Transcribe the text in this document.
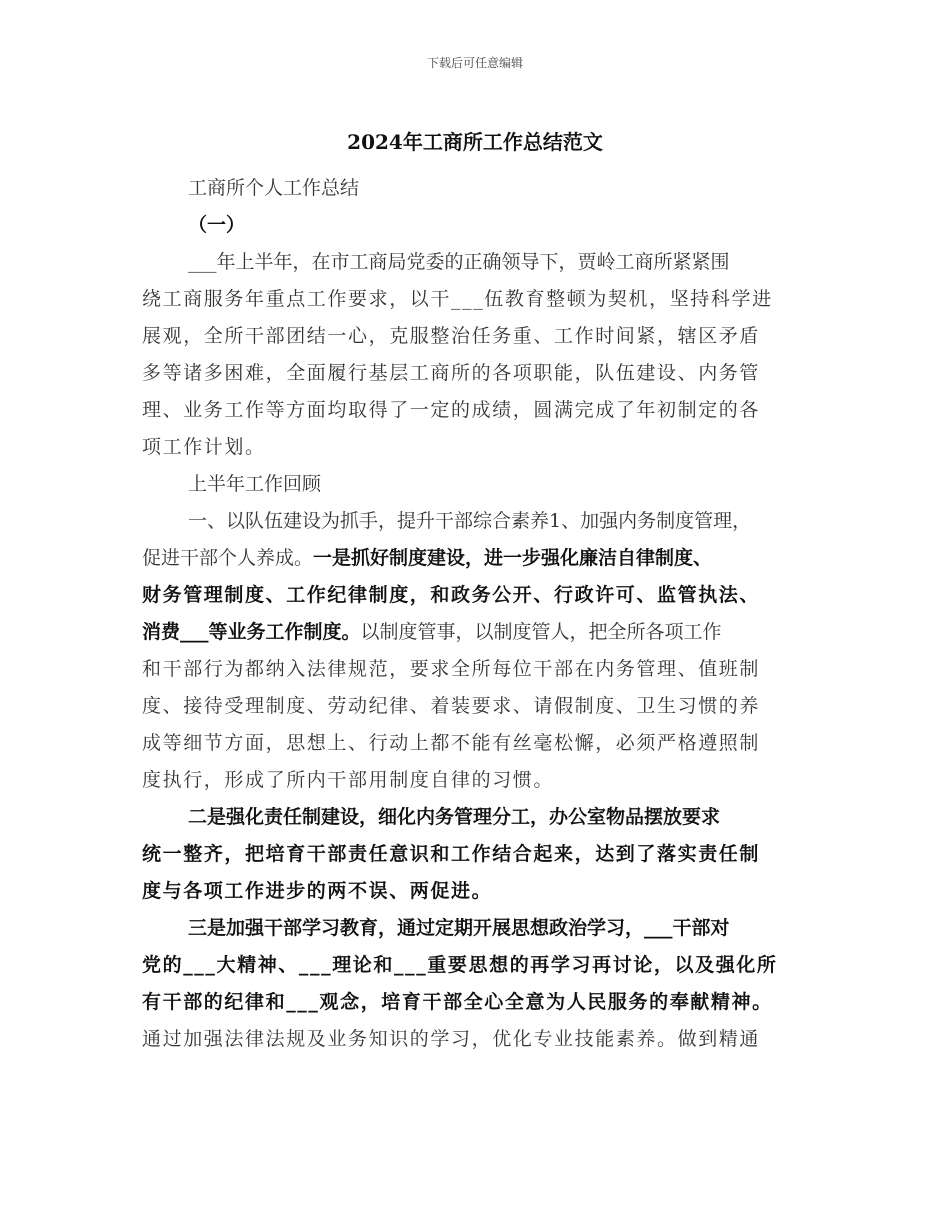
下载后可任意编辑
2024年工商所工作总结范文
工商所个人工作总结
（一）
___年上半年，在市工商局党委的正确领导下，贾岭工商所紧紧围
绕工商服务年重点工作要求，以干___伍教育整顿为契机，坚持科学进
展观，全所干部团结一心，克服整治任务重、工作时间紧，辖区矛盾
多等诸多困难，全面履行基层工商所的各项职能，队伍建设、内务管
理、业务工作等方面均取得了一定的成绩，圆满完成了年初制定的各
项工作计划。
上半年工作回顾
一、以队伍建设为抓手，提升干部综合素养1、加强内务制度管理，
促进干部个人养成。一是抓好制度建设，进一步强化廉洁自律制度、
财务管理制度、工作纪律制度，和政务公开、行政许可、监管执法、
消费___等业务工作制度。以制度管事，以制度管人，把全所各项工作
和干部行为都纳入法律规范，要求全所每位干部在内务管理、值班制
度、接待受理制度、劳动纪律、着装要求、请假制度、卫生习惯的养
成等细节方面，思想上、行动上都不能有丝毫松懈，必须严格遵照制
度执行，形成了所内干部用制度自律的习惯。
二是强化责任制建设，细化内务管理分工，办公室物品摆放要求
统一整齐，把培育干部责任意识和工作结合起来，达到了落实责任制
度与各项工作进步的两不误、两促进。
三是加强干部学习教育，通过定期开展思想政治学习，___干部对
党的___大精神、___理论和___重要思想的再学习再讨论，以及强化所
有干部的纪律和___观念，培育干部全心全意为人民服务的奉献精神。
通过加强法律法规及业务知识的学习，优化专业技能素养。做到精通
